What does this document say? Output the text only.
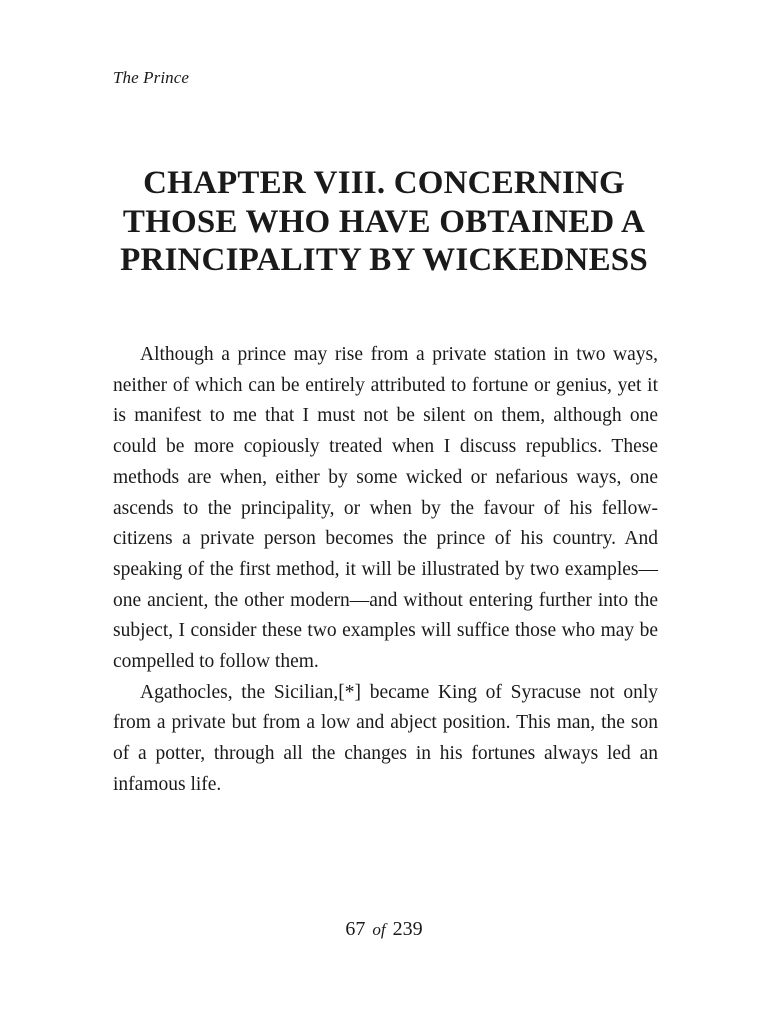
The Prince
CHAPTER VIII. CONCERNING THOSE WHO HAVE OBTAINED A PRINCIPALITY BY WICKEDNESS

Although a prince may rise from a private station in two ways, neither of which can be entirely attributed to fortune or genius, yet it is manifest to me that I must not be silent on them, although one could be more copiously treated when I discuss republics. These methods are when, either by some wicked or nefarious ways, one ascends to the principality, or when by the favour of his fellow-citizens a private person becomes the prince of his country. And speaking of the first method, it will be illustrated by two examples—one ancient, the other modern—and without entering further into the subject, I consider these two examples will suffice those who may be compelled to follow them.

Agathocles, the Sicilian,[*] became King of Syracuse not only from a private but from a low and abject position. This man, the son of a potter, through all the changes in his fortunes always led an infamous life.

67 of 239
